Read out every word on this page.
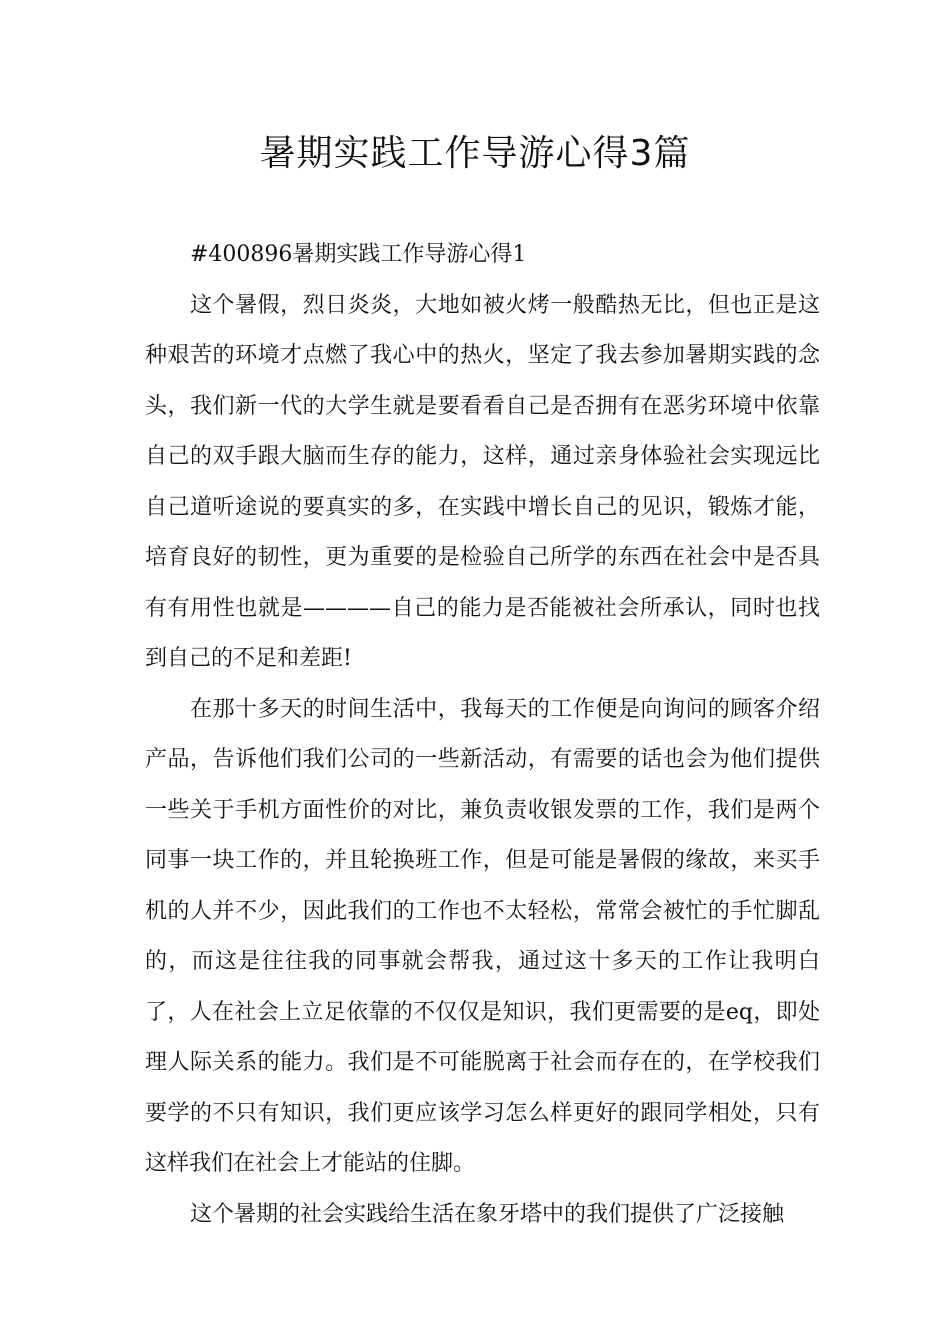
暑期实践工作导游心得3篇

#400896暑期实践工作导游心得1

这个暑假，烈日炎炎，大地如被火烤一般酷热无比，但也正是这种艰苦的环境才点燃了我心中的热火，坚定了我去参加暑期实践的念头，我们新一代的大学生就是要看看自己是否拥有在恶劣环境中依靠自己的双手跟大脑而生存的能力，这样，通过亲身体验社会实现远比自己道听途说的要真实的多，在实践中增长自己的见识，锻炼才能，培育良好的韧性，更为重要的是检验自己所学的东西在社会中是否具有有用性也就是————自己的能力是否能被社会所承认，同时也找到自己的不足和差距!

在那十多天的时间生活中，我每天的工作便是向询问的顾客介绍产品，告诉他们我们公司的一些新活动，有需要的话也会为他们提供一些关于手机方面性价的对比，兼负责收银发票的工作，我们是两个同事一块工作的，并且轮换班工作，但是可能是暑假的缘故，来买手机的人并不少，因此我们的工作也不太轻松，常常会被忙的手忙脚乱的，而这是往往我的同事就会帮我，通过这十多天的工作让我明白了，人在社会上立足依靠的不仅仅是知识，我们更需要的是eq，即处理人际关系的能力。我们是不可能脱离于社会而存在的，在学校我们要学的不只有知识，我们更应该学习怎么样更好的跟同学相处，只有这样我们在社会上才能站的住脚。

这个暑期的社会实践给生活在象牙塔中的我们提供了广泛接触
